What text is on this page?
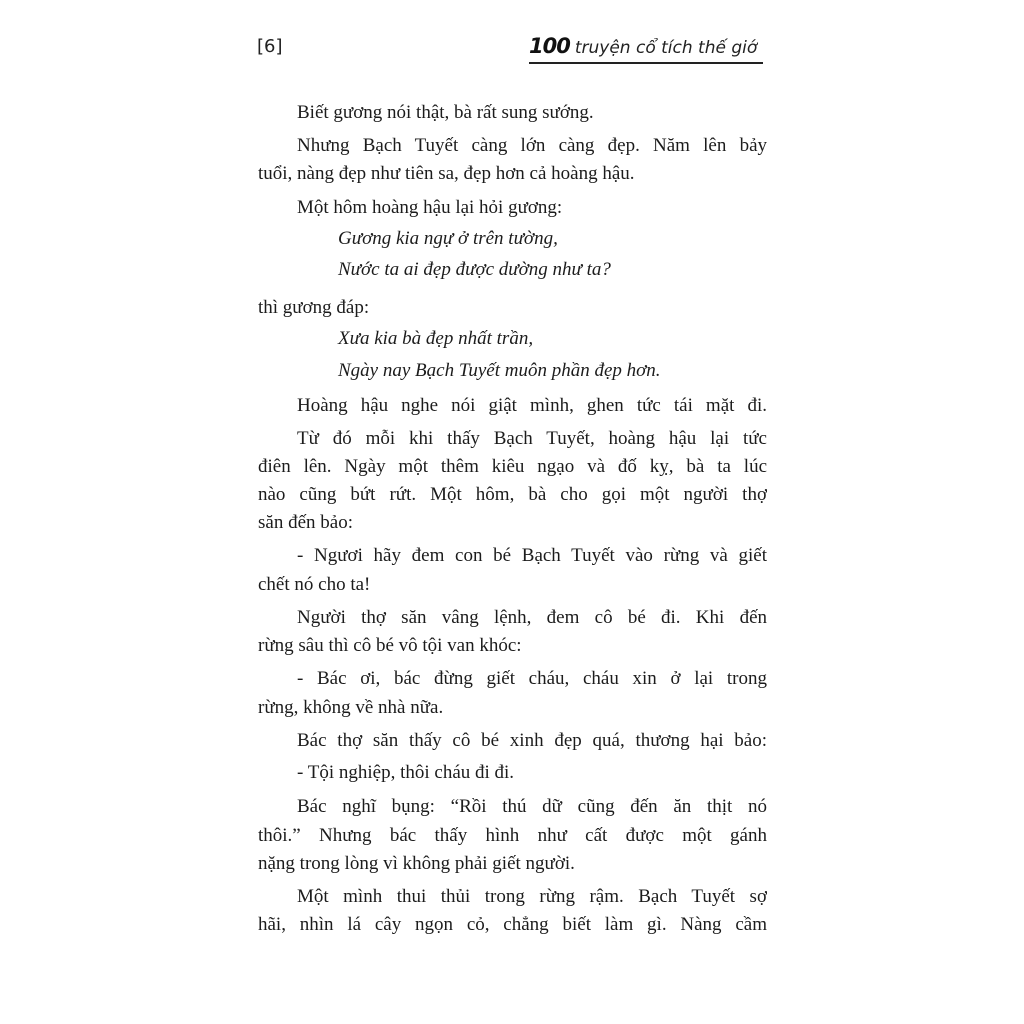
[6]	100 truyện cổ tích thế giớ
Biết gương nói thật, bà rất sung sướng.
Nhưng Bạch Tuyết càng lớn càng đẹp. Năm lên bảy
tuổi, nàng đẹp như tiên sa, đẹp hơn cả hoàng hậu.
Một hôm hoàng hậu lại hỏi gương:
Gương kia ngự ở trên tường,
Nước ta ai đẹp được dường như ta?
thì gương đáp:
Xưa kia bà đẹp nhất trần,
Ngày nay Bạch Tuyết muôn phần đẹp hơn.
Hoàng hậu nghe nói giật mình, ghen tức tái mặt đi.
Từ đó mỗi khi thấy Bạch Tuyết, hoàng hậu lại tức
điên lên. Ngày một thêm kiêu ngạo và đố kỵ, bà ta lúc
nào cũng bứt rứt. Một hôm, bà cho gọi một người thợ
săn đến bảo:
- Ngươi hãy đem con bé Bạch Tuyết vào rừng và giết
chết nó cho ta!
Người thợ săn vâng lệnh, đem cô bé đi. Khi đến
rừng sâu thì cô bé vô tội van khóc:
- Bác ơi, bác đừng giết cháu, cháu xin ở lại trong
rừng, không về nhà nữa.
Bác thợ săn thấy cô bé xinh đẹp quá, thương hại bảo:
- Tội nghiệp, thôi cháu đi đi.
Bác nghĩ bụng: “Rồi thú dữ cũng đến ăn thịt nó
thôi.” Nhưng bác thấy hình như cất được một gánh
nặng trong lòng vì không phải giết người.
Một mình thui thủi trong rừng rậm. Bạch Tuyết sợ
hãi, nhìn lá cây ngọn cỏ, chẳng biết làm gì. Nàng cầm
